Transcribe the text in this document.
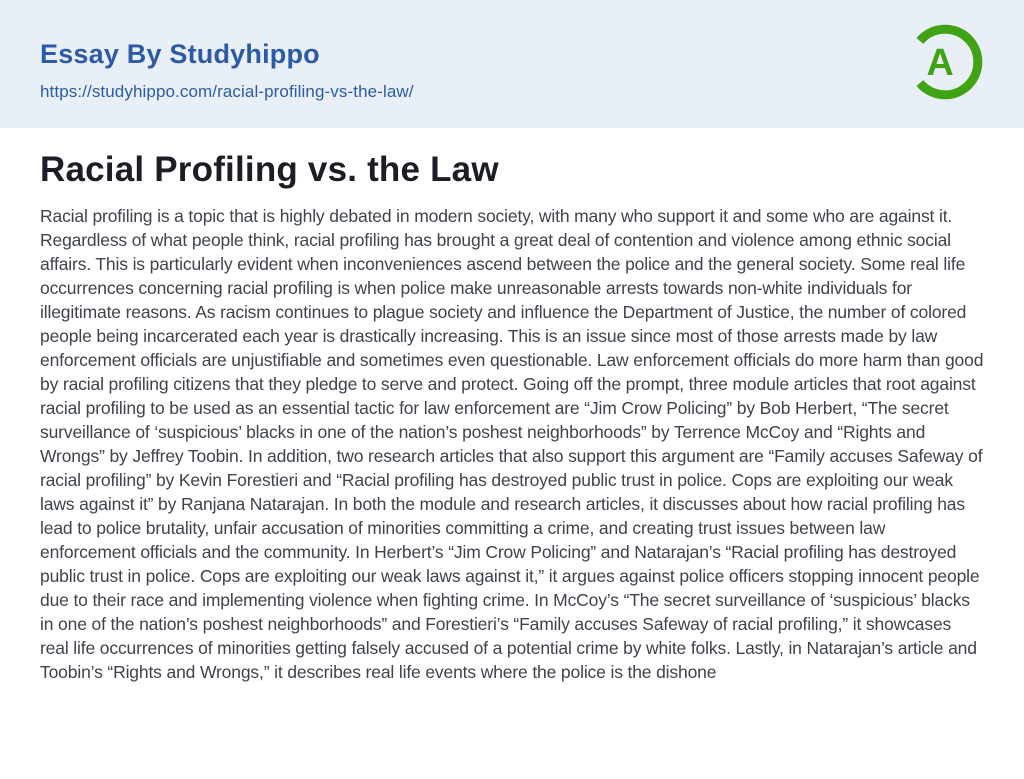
Essay By Studyhippo
https://studyhippo.com/racial-profiling-vs-the-law/
A
Racial Profiling vs. the Law

Racial profiling is a topic that is highly debated in modern society, with many who support it and some who are against it. Regardless of what people think, racial profiling has brought a great deal of contention and violence among ethnic social affairs. This is particularly evident when inconveniences ascend between the police and the general society. Some real life occurrences concerning racial profiling is when police make unreasonable arrests towards non-white individuals for illegitimate reasons. As racism continues to plague society and influence the Department of Justice, the number of colored people being incarcerated each year is drastically increasing. This is an issue since most of those arrests made by law enforcement officials are unjustifiable and sometimes even questionable. Law enforcement officials do more harm than good by racial profiling citizens that they pledge to serve and protect. Going off the prompt, three module articles that root against racial profiling to be used as an essential tactic for law enforcement are “Jim Crow Policing” by Bob Herbert, “The secret surveillance of ‘suspicious’ blacks in one of the nation’s poshest neighborhoods” by Terrence McCoy and “Rights and Wrongs” by Jeffrey Toobin. In addition, two research articles that also support this argument are “Family accuses Safeway of racial profiling” by Kevin Forestieri and “Racial profiling has destroyed public trust in police. Cops are exploiting our weak laws against it” by Ranjana Natarajan. In both the module and research articles, it discusses about how racial profiling has lead to police brutality, unfair accusation of minorities committing a crime, and creating trust issues between law enforcement officials and the community. In Herbert’s “Jim Crow Policing” and Natarajan’s “Racial profiling has destroyed public trust in police. Cops are exploiting our weak laws against it,” it argues against police officers stopping innocent people due to their race and implementing violence when fighting crime. In McCoy’s “The secret surveillance of ‘suspicious’ blacks in one of the nation’s poshest neighborhoods” and Forestieri’s “Family accuses Safeway of racial profiling,” it showcases real life occurrences of minorities getting falsely accused of a potential crime by white folks. Lastly, in Natarajan’s article and Toobin’s “Rights and Wrongs,” it describes real life events where the police is the dishone
